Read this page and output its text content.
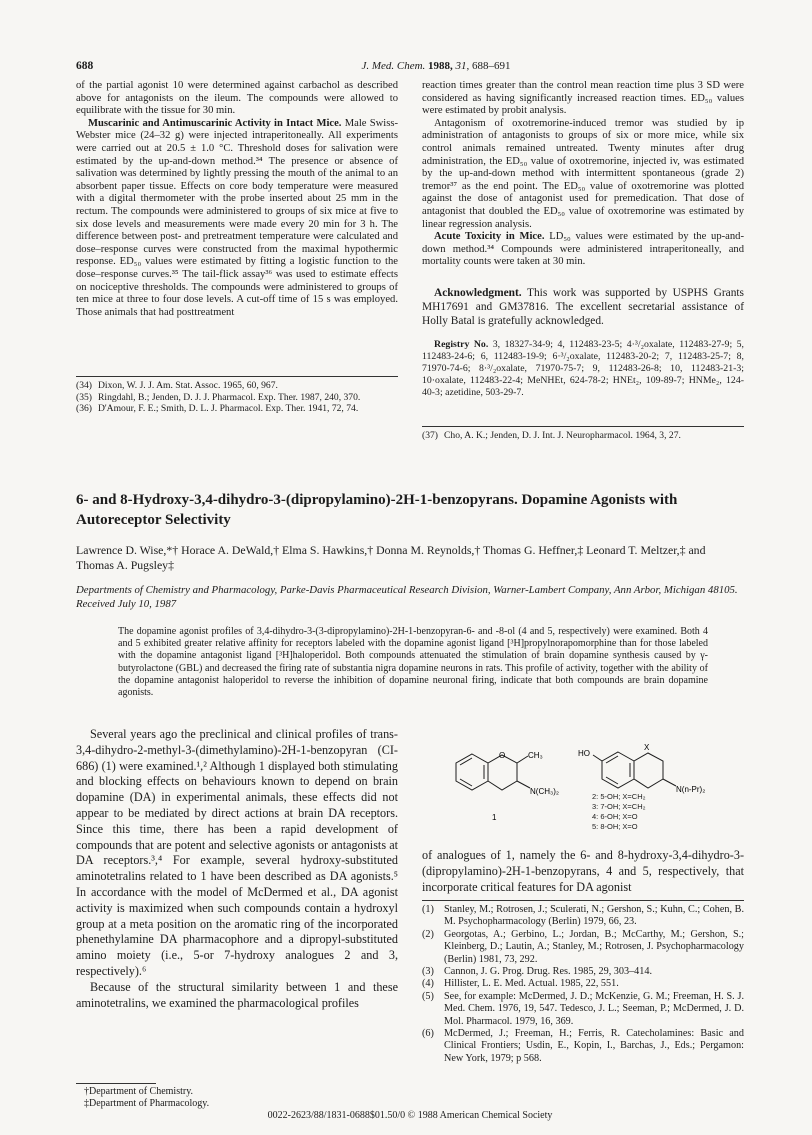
688	J. Med. Chem. 1988, 31, 688–691

of the partial agonist 10 were determined against carbachol as described above for antagonists on the ileum. The compounds were allowed to equilibrate with the tissue for 30 min.

Muscarinic and Antimuscarinic Activity in Intact Mice. Male Swiss-Webster mice (24–32 g) were injected intraperitoneally. All experiments were carried out at 20.5 ± 1.0 °C. Threshold doses for salivation were estimated by the up-and-down method.³⁴ The presence or absence of salivation was determined by lightly pressing the mouth of the animal to an absorbent paper tissue. Effects on core body temperature were measured with a digital thermometer with the probe inserted about 25 mm in the rectum. The compounds were administered to groups of six mice at five to six dose levels and measurements were made every 20 min for 3 h. The difference between post- and pretreatment temperature were calculated and dose–response curves were constructed from the maximal hypothermic response. ED₅₀ values were estimated by fitting a logistic function to the dose–response curves.³⁵ The tail-flick assay³⁶ was used to estimate effects on nociceptive thresholds. The compounds were administered to groups of ten mice at three to four dose levels. A cut-off time of 15 s was employed. Those animals that had posttreatment

(34) Dixon, W. J. J. Am. Stat. Assoc. 1965, 60, 967.
(35) Ringdahl, B.; Jenden, D. J. J. Pharmacol. Exp. Ther. 1987, 240, 370.
(36) D'Amour, F. E.; Smith, D. L. J. Pharmacol. Exp. Ther. 1941, 72, 74.

reaction times greater than the control mean reaction time plus 3 SD were considered as having significantly increased reaction times. ED₅₀ values were estimated by probit analysis.

Antagonism of oxotremorine-induced tremor was studied by ip administration of antagonists to groups of six or more mice, while six control animals remained untreated. Twenty minutes after drug administration, the ED₅₀ value of oxotremorine, injected iv, was estimated by the up-and-down method with intermittent spontaneous (grade 2) tremor³⁷ as the end point. The ED₅₀ value of oxotremorine was plotted against the dose of antagonist used for premedication. That dose of antagonist that doubled the ED₅₀ value of oxotremorine was estimated by linear regression analysis.

Acute Toxicity in Mice. LD₅₀ values were estimated by the up-and-down method.³⁴ Compounds were administered intraperitoneally, and mortality counts were taken at 30 min.

Acknowledgment. This work was supported by USPHS Grants MH17691 and GM37816. The excellent secretarial assistance of Holly Batal is gratefully acknowledged.

Registry No. 3, 18327-34-9; 4, 112483-23-5; 4·³/₂oxalate, 112483-27-9; 5, 112483-24-6; 6, 112483-19-9; 6·³/₂oxalate, 112483-20-2; 7, 112483-25-7; 8, 71970-74-6; 8·³/₂oxalate, 71970-75-7; 9, 112483-26-8; 10, 112483-21-3; 10·oxalate, 112483-22-4; MeNHEt, 624-78-2; HNEt₂, 109-89-7; HNMe₂, 124-40-3; azetidine, 503-29-7.

(37) Cho, A. K.; Jenden, D. J. Int. J. Neuropharmacol. 1964, 3, 27.
6- and 8-Hydroxy-3,4-dihydro-3-(dipropylamino)-2H-1-benzopyrans. Dopamine Agonists with Autoreceptor Selectivity
Lawrence D. Wise,*† Horace A. DeWald,† Elma S. Hawkins,† Donna M. Reynolds,† Thomas G. Heffner,‡ Leonard T. Meltzer,‡ and Thomas A. Pugsley‡
Departments of Chemistry and Pharmacology, Parke-Davis Pharmaceutical Research Division, Warner-Lambert Company, Ann Arbor, Michigan 48105. Received July 10, 1987
The dopamine agonist profiles of 3,4-dihydro-3-(3-dipropylamino)-2H-1-benzopyran-6- and -8-ol (4 and 5, respectively) were examined. Both 4 and 5 exhibited greater relative affinity for receptors labeled with the dopamine agonist ligand [³H]propylnorapomorphine than for those labeled with the dopamine antagonist ligand [³H]haloperidol. Both compounds attenuated the stimulation of brain dopamine synthesis caused by γ-butyrolactone (GBL) and decreased the firing rate of substantia nigra dopamine neurons in rats. This profile of activity, together with the ability of the dopamine antagonist haloperidol to reverse the inhibition of dopamine neuronal firing, indicate that both compounds are brain dopamine agonists.

Several years ago the preclinical and clinical profiles of trans-3,4-dihydro-2-methyl-3-(dimethylamino)-2H-1-benzopyran (CI-686) (1) were examined.¹,² Although 1 displayed both stimulating and blocking effects on behaviours known to depend on brain dopamine (DA) in experimental animals, these effects did not appear to be mediated by direct actions at brain DA receptors. Since this time, there has been a rapid development of compounds that are potent and selective agonists or antagonists at DA receptors.³,⁴ For example, several hydroxy-substituted aminotetralins related to 1 have been described as DA agonists.⁵ In accordance with the model of McDermed et al., DA agonist activity is maximized when such compounds contain a hydroxyl group at a meta position on the aromatic ring of the incorporated phenethylamine DA pharmacophore and a dipropyl-substituted amino moiety (i.e., 5-or 7-hydroxy analogues 2 and 3, respectively).⁶

Because of the structural similarity between 1 and these aminotetralins, we examined the pharmacological profiles

†Department of Chemistry.
‡Department of Pharmacology.
O	CH₃
N(CH₃)₂
1
HO
X
N(n-Pr)₂
2: 5-OH; X=CH₂
3: 7-OH; X=CH₂
4: 6-OH; X=O
5: 8-OH; X=O

of analogues of 1, namely the 6- and 8-hydroxy-3,4-dihydro-3-(dipropylamino)-2H-1-benzopyrans, 4 and 5, respectively, that incorporate critical features for DA agonist

(1) Stanley, M.; Rotrosen, J.; Sculerati, N.; Gershon, S.; Kuhn, C.; Cohen, B. M. Psychopharmacology (Berlin) 1979, 66, 23.
(2) Georgotas, A.; Gerbino, L.; Jordan, B.; McCarthy, M.; Gershon, S.; Kleinberg, D.; Lautin, A.; Stanley, M.; Rotrosen, J. Psychopharmacology (Berlin) 1981, 73, 292.
(3) Cannon, J. G. Prog. Drug. Res. 1985, 29, 303–414.
(4) Hillister, L. E. Med. Actual. 1985, 22, 551.
(5) See, for example: McDermed, J. D.; McKenzie, G. M.; Freeman, H. S. J. Med. Chem. 1976, 19, 547. Tedesco, J. L.; Seeman, P.; McDermed, J. D. Mol. Pharmacol. 1979, 16, 369.
(6) McDermed, J.; Freeman, H.; Ferris, R. Catecholamines: Basic and Clinical Frontiers; Usdin, E., Kopin, I., Barchas, J., Eds.; Pergamon: New York, 1979; p 568.
0022-2623/88/1831-0688$01.50/0 © 1988 American Chemical Society
